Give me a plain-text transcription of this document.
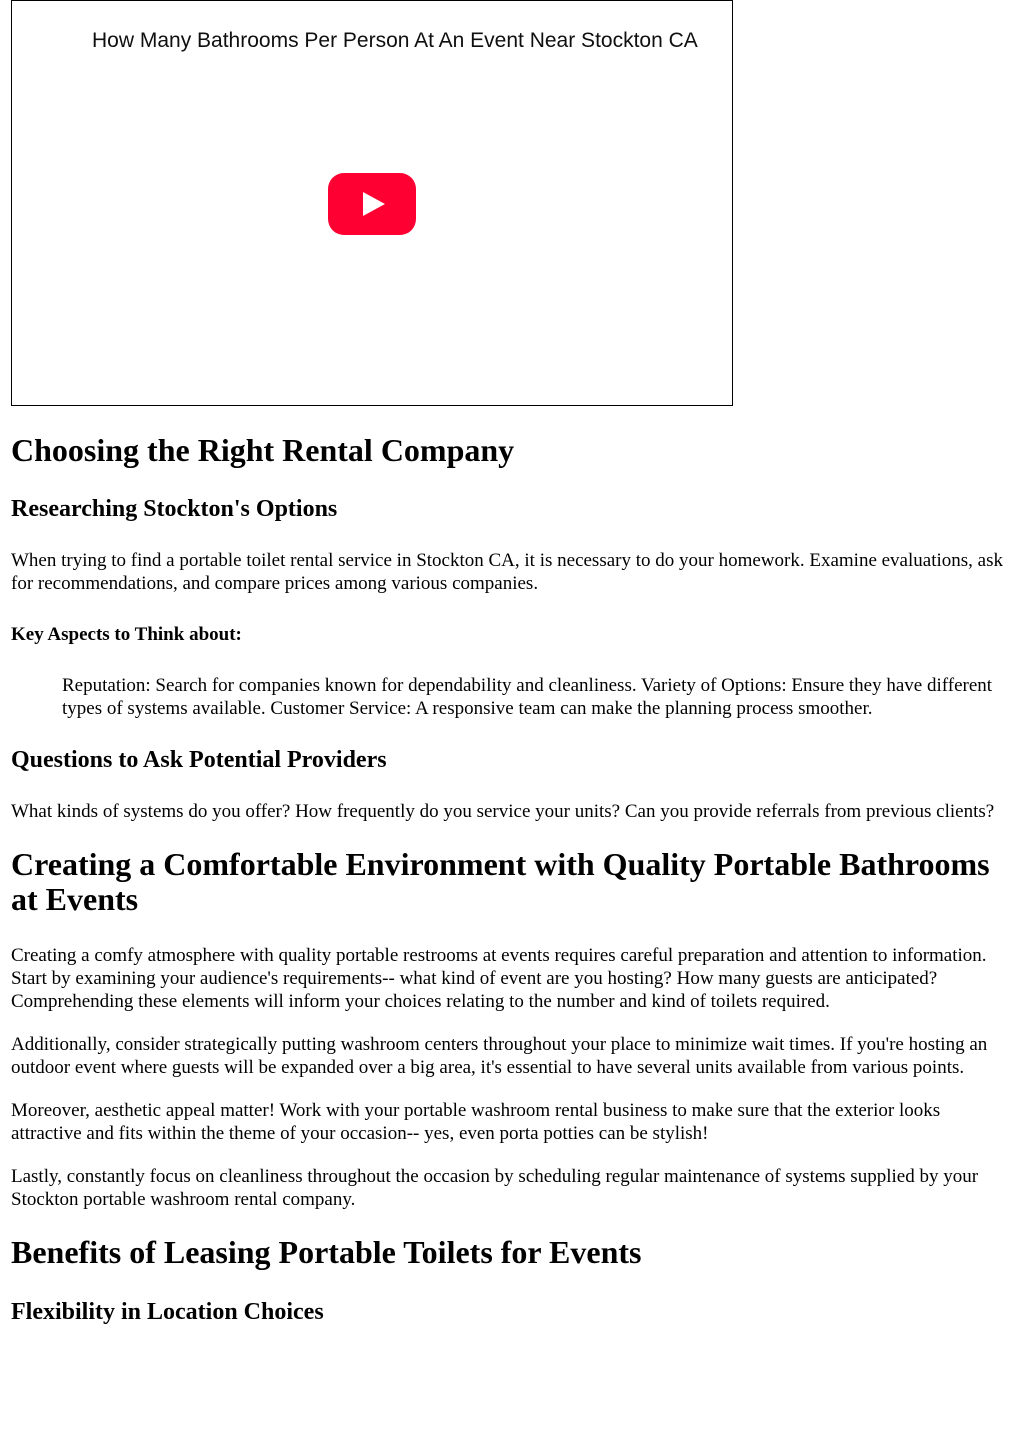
How Many Bathrooms Per Person At An Event Near Stockton CA
Choosing the Right Rental Company
Researching Stockton's Options

When trying to find a portable toilet rental service in Stockton CA, it is necessary to do your homework. Examine evaluations, ask for recommendations, and compare prices among various companies.

Key Aspects to Think about:
Reputation: Search for companies known for dependability and cleanliness. Variety of Options: Ensure they have different types of systems available. Customer Service: A responsive team can make the planning process smoother.
Questions to Ask Potential Providers

What kinds of systems do you offer? How frequently do you service your units? Can you provide referrals from previous clients?

Creating a Comfortable Environment with Quality Portable Bathrooms at Events

Creating a comfy atmosphere with quality portable restrooms at events requires careful preparation and attention to information. Start by examining your audience's requirements-- what kind of event are you hosting? How many guests are anticipated? Comprehending these elements will inform your choices relating to the number and kind of toilets required.

Additionally, consider strategically putting washroom centers throughout your place to minimize wait times. If you're hosting an outdoor event where guests will be expanded over a big area, it's essential to have several units available from various points.

Moreover, aesthetic appeal matter! Work with your portable washroom rental business to make sure that the exterior looks attractive and fits within the theme of your occasion-- yes, even porta potties can be stylish!

Lastly, constantly focus on cleanliness throughout the occasion by scheduling regular maintenance of systems supplied by your Stockton portable washroom rental company.

Benefits of Leasing Portable Toilets for Events
Flexibility in Location Choices
